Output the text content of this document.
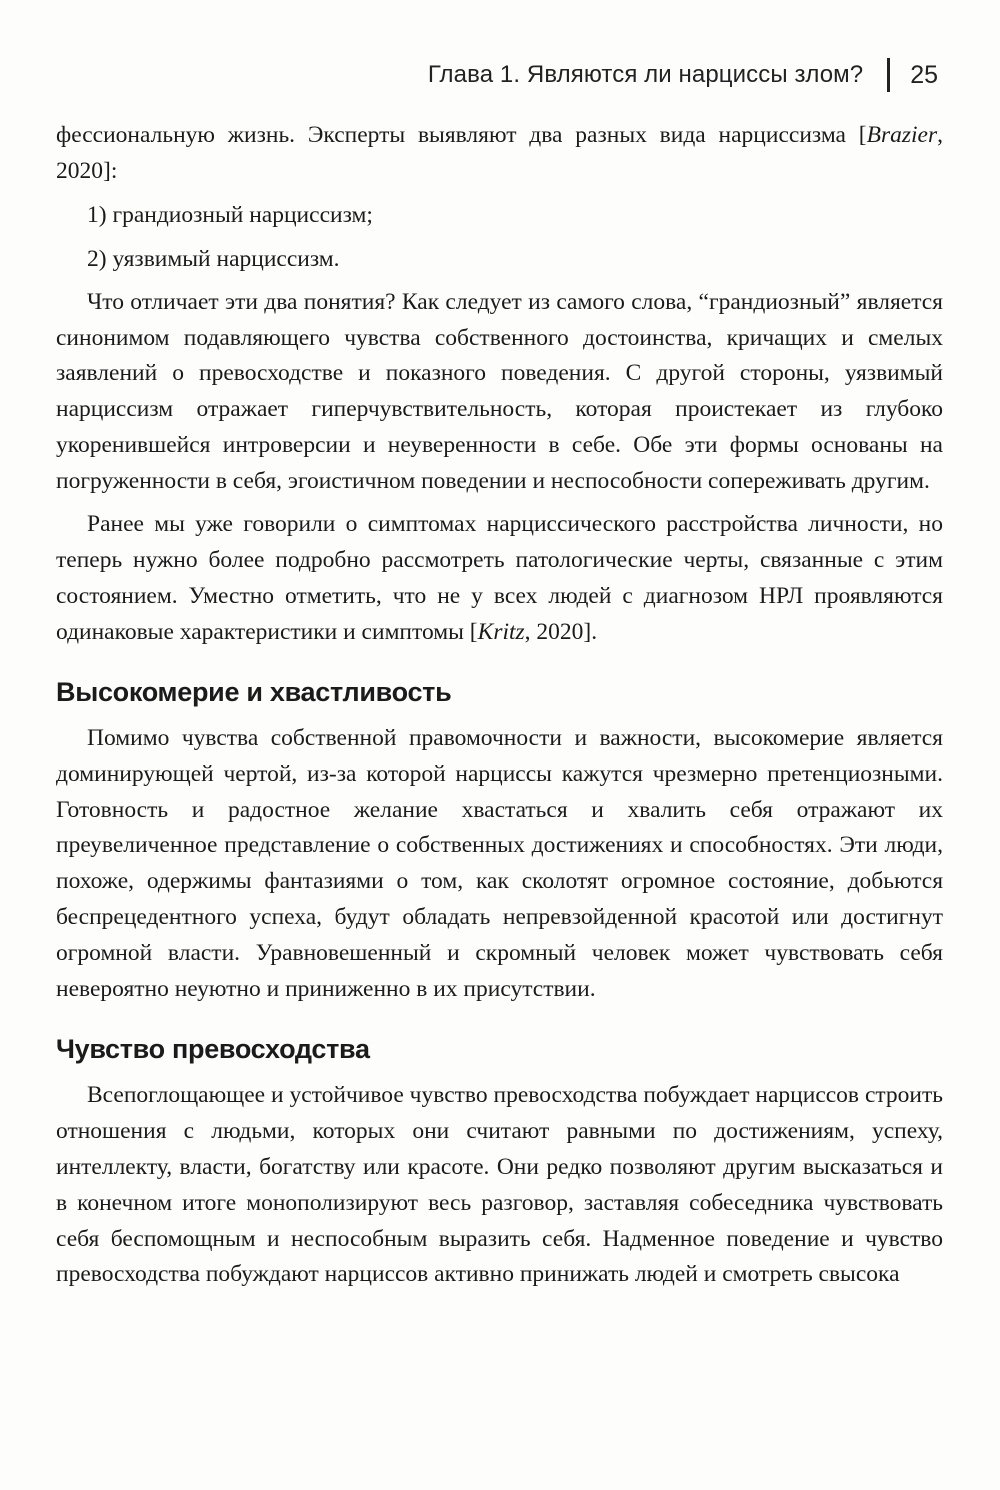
Глава 1. Являются ли нарциссы злом? 25

фессиональную жизнь. Эксперты выявляют два разных вида нарциссизма [Brazier, 2020]:

1) грандиозный нарциссизм;

2) уязвимый нарциссизм.

Что отличает эти два понятия? Как следует из самого слова, “грандиозный” является синонимом подавляющего чувства собственного достоинства, кричащих и смелых заявлений о превосходстве и показного поведения. С другой стороны, уязвимый нарциссизм отражает гиперчувствительность, которая проистекает из глубоко укоренившейся интроверсии и неуверенности в себе. Обе эти формы основаны на погруженности в себя, эгоистичном поведении и неспособности сопереживать другим.

Ранее мы уже говорили о симптомах нарциссического расстройства личности, но теперь нужно более подробно рассмотреть патологические черты, связанные с этим состоянием. Уместно отметить, что не у всех людей с диагнозом НРЛ проявляются одинаковые характеристики и симптомы [Kritz, 2020].

Высокомерие и хвастливость

Помимо чувства собственной правомочности и важности, высокомерие является доминирующей чертой, из-за которой нарциссы кажутся чрезмерно претенциозными. Готовность и радостное желание хвастаться и хвалить себя отражают их преувеличенное представление о собственных достижениях и способностях. Эти люди, похоже, одержимы фантазиями о том, как сколотят огромное состояние, добьются беспрецедентного успеха, будут обладать непревзойденной красотой или достигнут огромной власти. Уравновешенный и скромный человек может чувствовать себя невероятно неуютно и приниженно в их присутствии.

Чувство превосходства

Всепоглощающее и устойчивое чувство превосходства побуждает нарциссов строить отношения с людьми, которых они считают равными по достижениям, успеху, интеллекту, власти, богатству или красоте. Они редко позволяют другим высказаться и в конечном итоге монополизируют весь разговор, заставляя собеседника чувствовать себя беспомощным и неспособным выразить себя. Надменное поведение и чувство превосходства побуждают нарциссов активно принижать людей и смотреть свысока
